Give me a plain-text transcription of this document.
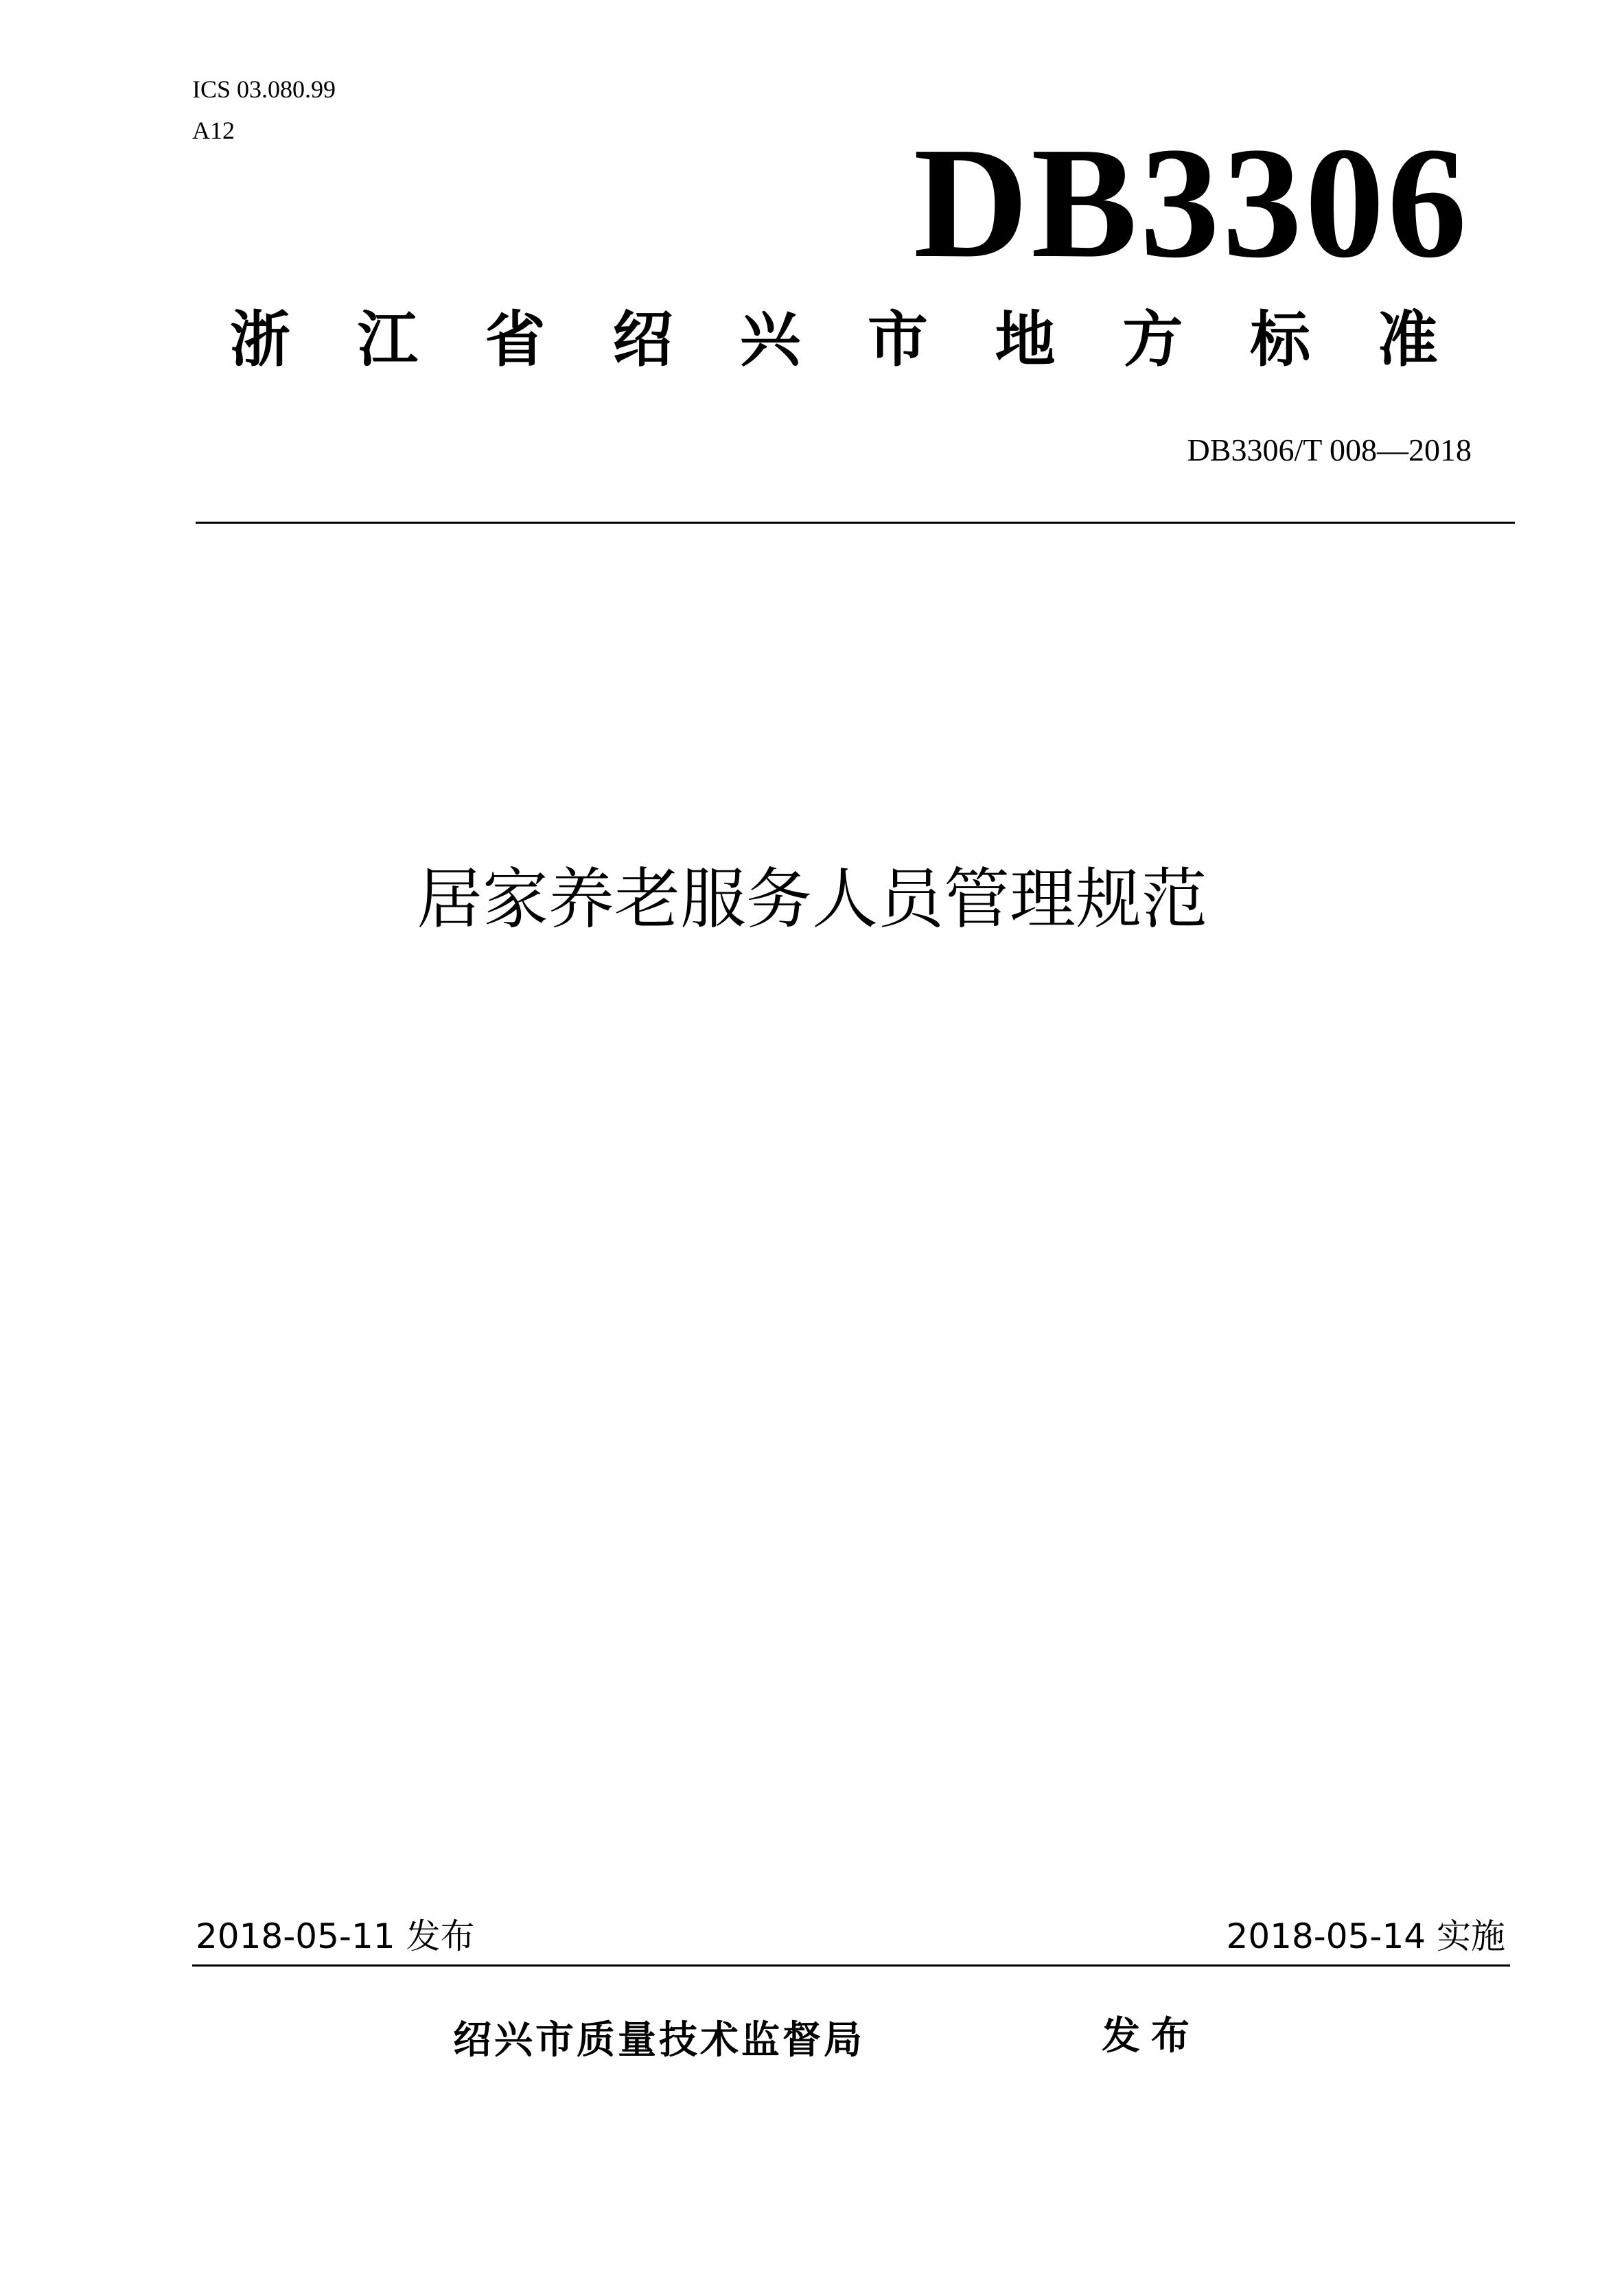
ICS 03.080.99
A12	DB3306
浙 江 省 绍 兴 市 地 方 标 准
DB3306/T 008—2018
居家养老服务人员管理规范
2018-05-11 发布	2018-05-14 实施
绍兴市质量技术监督局	发布
